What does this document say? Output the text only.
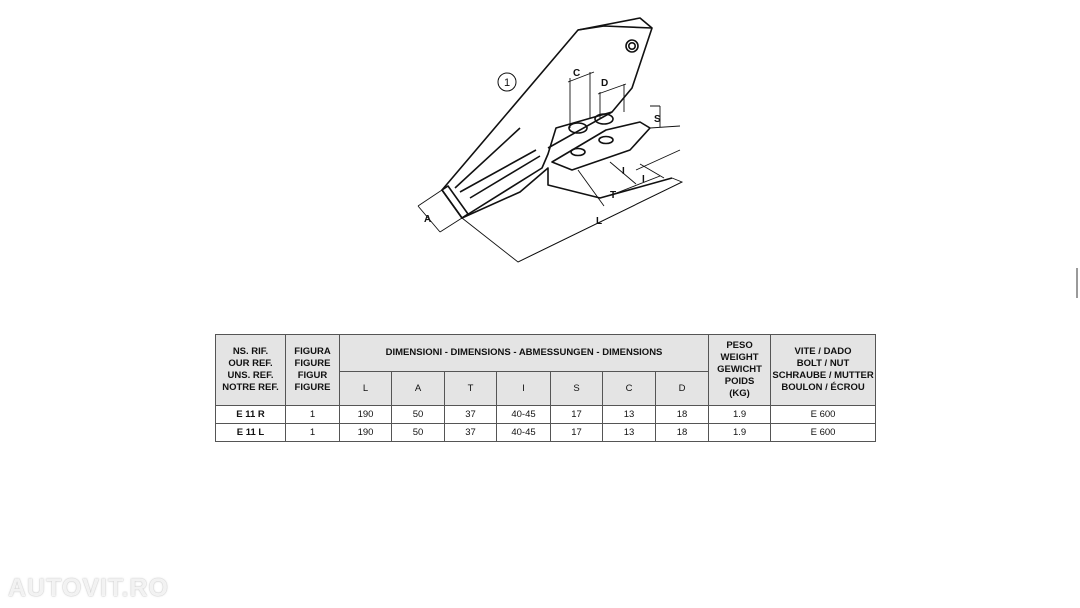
1
A	L
T
I
I
S
C
D
NS. RIF.
OUR REF.
UNS. REF.
NOTRE REF.	FIGURA
FIGURE
FIGUR
FIGURE	DIMENSIONI - DIMENSIONS - ABMESSUNGEN - DIMENSIONS							PESO
WEIGHT
GEWICHT
POIDS
(KG)	VITE / DADO
BOLT / NUT
SCHRAUBE / MUTTER
BOULON / ÉCROU

		L	A	T	I	S	C	D		
E 11 R	1	190	50	37	40-45	17	13	18	1.9	E 600
E 11 L	1	190	50	37	40-45	17	13	18	1.9	E 600
AUTOVIT.RO
